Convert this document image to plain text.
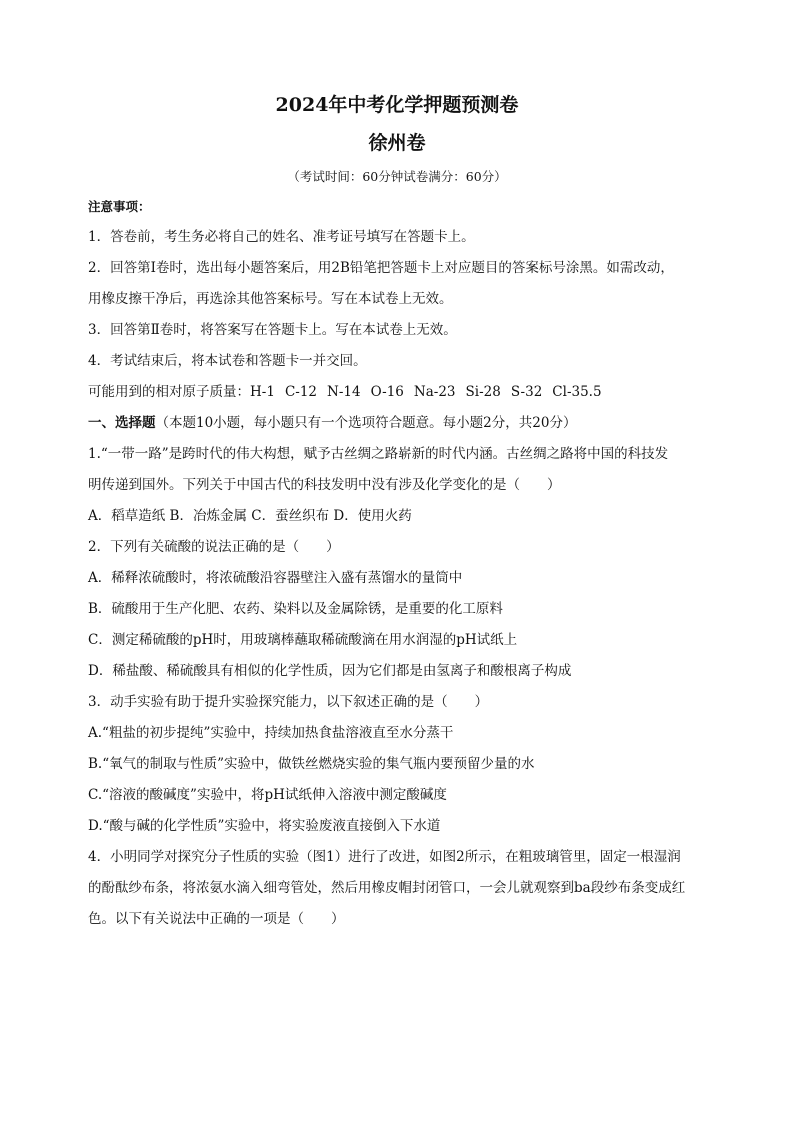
2024年中考化学押题预测卷
徐州卷

（考试时间：60分钟试卷满分：60分）

注意事项：

1．答卷前，考生务必将自己的姓名、准考证号填写在答题卡上。

2．回答第Ⅰ卷时，选出每小题答案后，用2B铅笔把答题卡上对应题目的答案标号涂黑。如需改动，

用橡皮擦干净后，再选涂其他答案标号。写在本试卷上无效。

3．回答第Ⅱ卷时，将答案写在答题卡上。写在本试卷上无效。

4．考试结束后，将本试卷和答题卡一并交回。

可能用到的相对原子质量：H-1 C-12 N-14 O-16 Na-23 Si-28 S-32 Cl-35.5

一、选择题（本题10小题，每小题只有一个选项符合题意。每小题2分，共20分）

1.“一带一路”是跨时代的伟大构想，赋予古丝绸之路崭新的时代内涵。古丝绸之路将中国的科技发

明传递到国外。下列关于中国古代的科技发明中没有涉及化学变化的是（　　）

A．稻草造纸 B．冶炼金属 C．蚕丝织布 D．使用火药

2．下列有关硫酸的说法正确的是（　　）

A．稀释浓硫酸时，将浓硫酸沿容器壁注入盛有蒸馏水的量筒中

B．硫酸用于生产化肥、农药、染料以及金属除锈，是重要的化工原料

C．测定稀硫酸的pH时，用玻璃棒蘸取稀硫酸滴在用水润湿的pH试纸上

D．稀盐酸、稀硫酸具有相似的化学性质，因为它们都是由氢离子和酸根离子构成

3．动手实验有助于提升实验探究能力，以下叙述正确的是（　　）

A.“粗盐的初步提纯”实验中，持续加热食盐溶液直至水分蒸干

B.“氧气的制取与性质”实验中，做铁丝燃烧实验的集气瓶内要预留少量的水

C.“溶液的酸碱度”实验中，将pH试纸伸入溶液中测定酸碱度

D.“酸与碱的化学性质”实验中，将实验废液直接倒入下水道

4．小明同学对探究分子性质的实验（图1）进行了改进，如图2所示，在粗玻璃管里，固定一根湿润

的酚酞纱布条，将浓氨水滴入细弯管处，然后用橡皮帽封闭管口，一会儿就观察到ba段纱布条变成红

色。以下有关说法中正确的一项是（　　）
